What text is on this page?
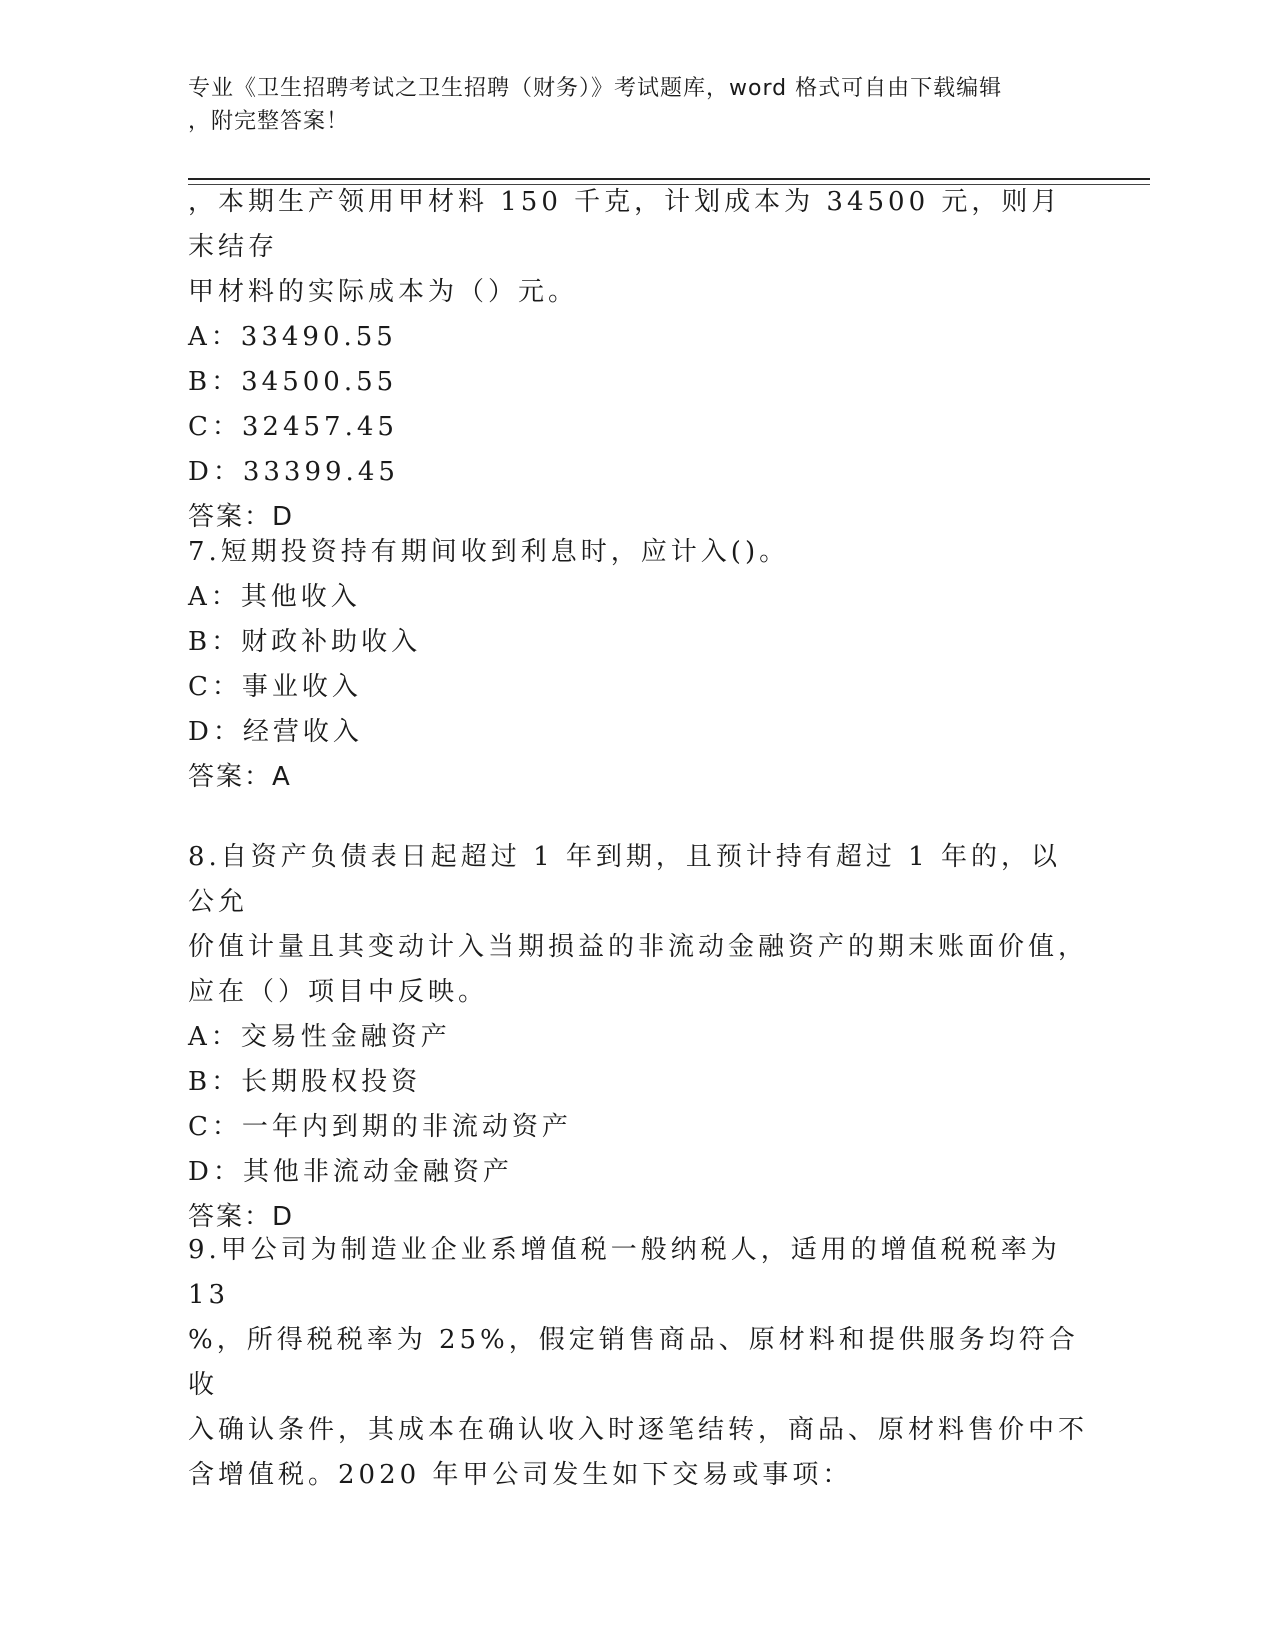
专业《卫生招聘考试之卫生招聘（财务）》考试题库，word 格式可自由下载编辑
，附完整答案！
，本期生产领用甲材料 150 千克，计划成本为 34500 元，则月末结存
甲材料的实际成本为（）元。
A：33490.55
B：34500.55
C：32457.45
D：33399.45
答案：D
7.短期投资持有期间收到利息时，应计入()。
A：其他收入
B：财政补助收入
C：事业收入
D：经营收入
答案：A
8.自资产负债表日起超过 1 年到期，且预计持有超过 1 年的，以公允
价值计量且其变动计入当期损益的非流动金融资产的期末账面价值，
应在（）项目中反映。
A：交易性金融资产
B：长期股权投资
C：一年内到期的非流动资产
D：其他非流动金融资产
答案：D
9.甲公司为制造业企业系增值税一般纳税人，适用的增值税税率为 13
%，所得税税率为 25%，假定销售商品、原材料和提供服务均符合收
入确认条件，其成本在确认收入时逐笔结转，商品、原材料售价中不
含增值税。2020 年甲公司发生如下交易或事项：
